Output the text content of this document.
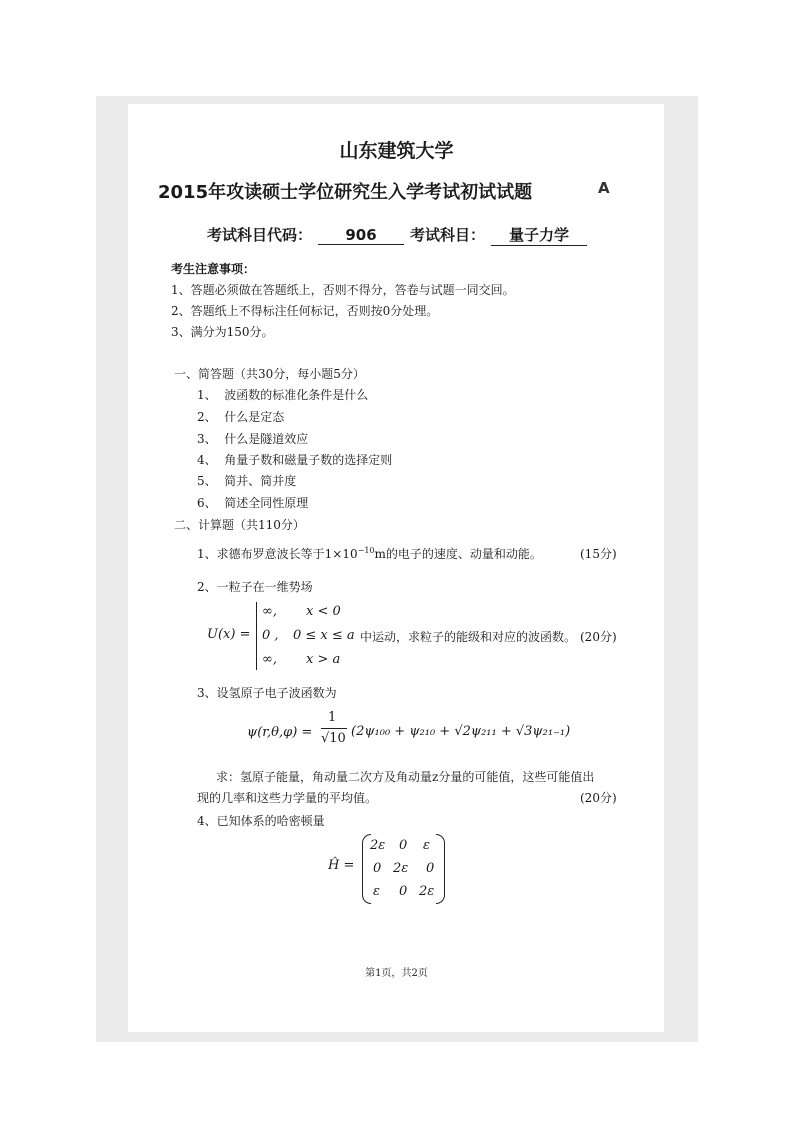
山东建筑大学
2015年攻读硕士学位研究生入学考试初试试题	A
考试科目代码： 906 考试科目： 量子力学
考生注意事项：
1、答题必须做在答题纸上，否则不得分，答卷与试题一同交回。
2、答题纸上不得标注任何标记，否则按0分处理。
3、满分为150分。
一、简答题（共30分，每小题5分）
1、 波函数的标准化条件是什么
2、 什么是定态
3、 什么是隧道效应
4、 角量子数和磁量子数的选择定则
5、 简并、简并度
6、 简述全同性原理
二、计算题（共110分）
1、求德布罗意波长等于$1\times 10^{-10}m$的电子的速度、动量和动能。	(15分)
2、一粒子在一维势场
U(x) =
∞, x < 0
0 , 0 ≤ x ≤ a
∞, x > a
中运动，求粒子的能级和对应的波函数。 (20分)
3、设氢原子电子波函数为
ψ(r,θ,φ) =
1
√10 (2ψ₁₀₀ + ψ₂₁₀ + √2ψ₂₁₁ + √3ψ₂₁₋₁)
求：氢原子能量，角动量二次方及角动量z分量的可能值，这些可能值出
现的几率和这些力学量的平均值。	(20分)
4、已知体系的哈密顿量
Ĥ =
2ε 0 ε
0 2ε 0
ε 0 2ε
第1页，共2页
